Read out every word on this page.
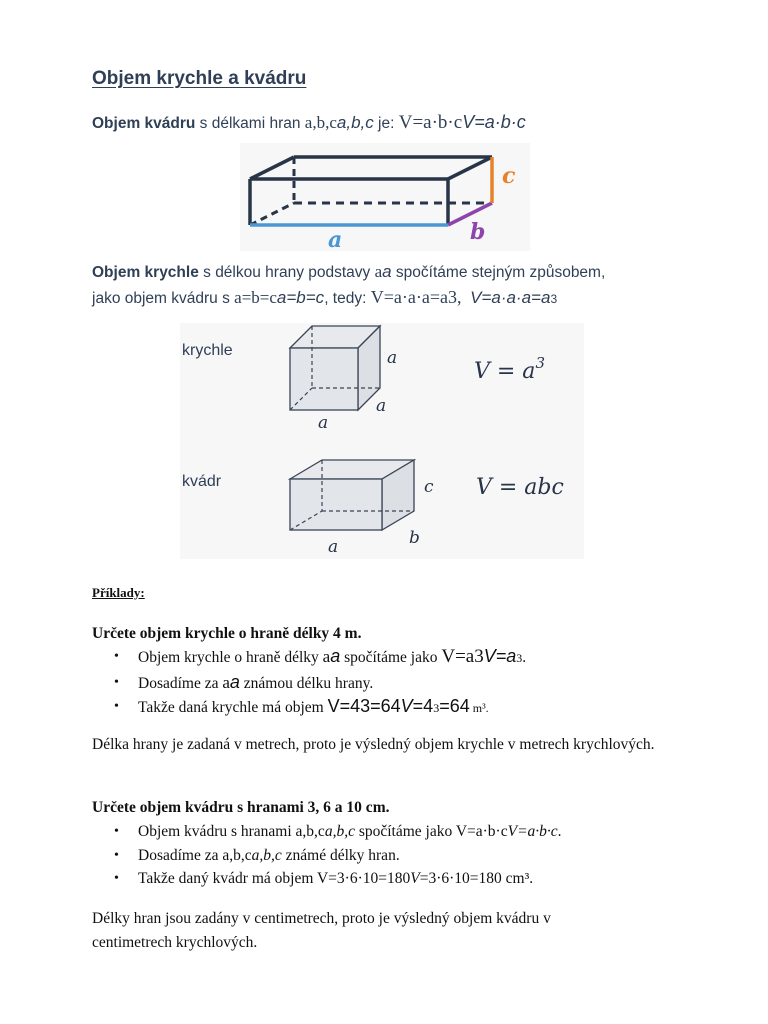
Objem krychle a kvádru
Objem kvádru s délkami hran a,b,ca,b,c je: V=a·b·cV=a·b·c
a	b
c
Objem krychle s délkou hrany podstavy aa spočítáme stejným způsobem,
jako objem kvádru s a=b=ca=b=c, tedy: V=a·a·a=a3, V=a·a·a=a3
krychle
a
a
a
$V = a^3$
kvádr
a	b
c V = abc
Příklady:
Určete objem krychle o hraně délky 4 m.
• Objem krychle o hraně délky aa spočítáme jako V=a3V=a3.
• Dosadíme za aa známou délku hrany.
• Takže daná krychle má objem V=43=64V=43=64 m³.
Délka hrany je zadaná v metrech, proto je výsledný objem krychle v metrech krychlových.
Určete objem kvádru s hranami 3, 6 a 10 cm.
• Objem kvádru s hranami a,b,ca,b,c spočítáme jako V=a·b·cV=a·b·c.
• Dosadíme za a,b,ca,b,c známé délky hran.
• Takže daný kvádr má objem V=3·6·10=180V=3·6·10=180 cm³.
Délky hran jsou zadány v centimetrech, proto je výsledný objem kvádru v centimetrech krychlových.
